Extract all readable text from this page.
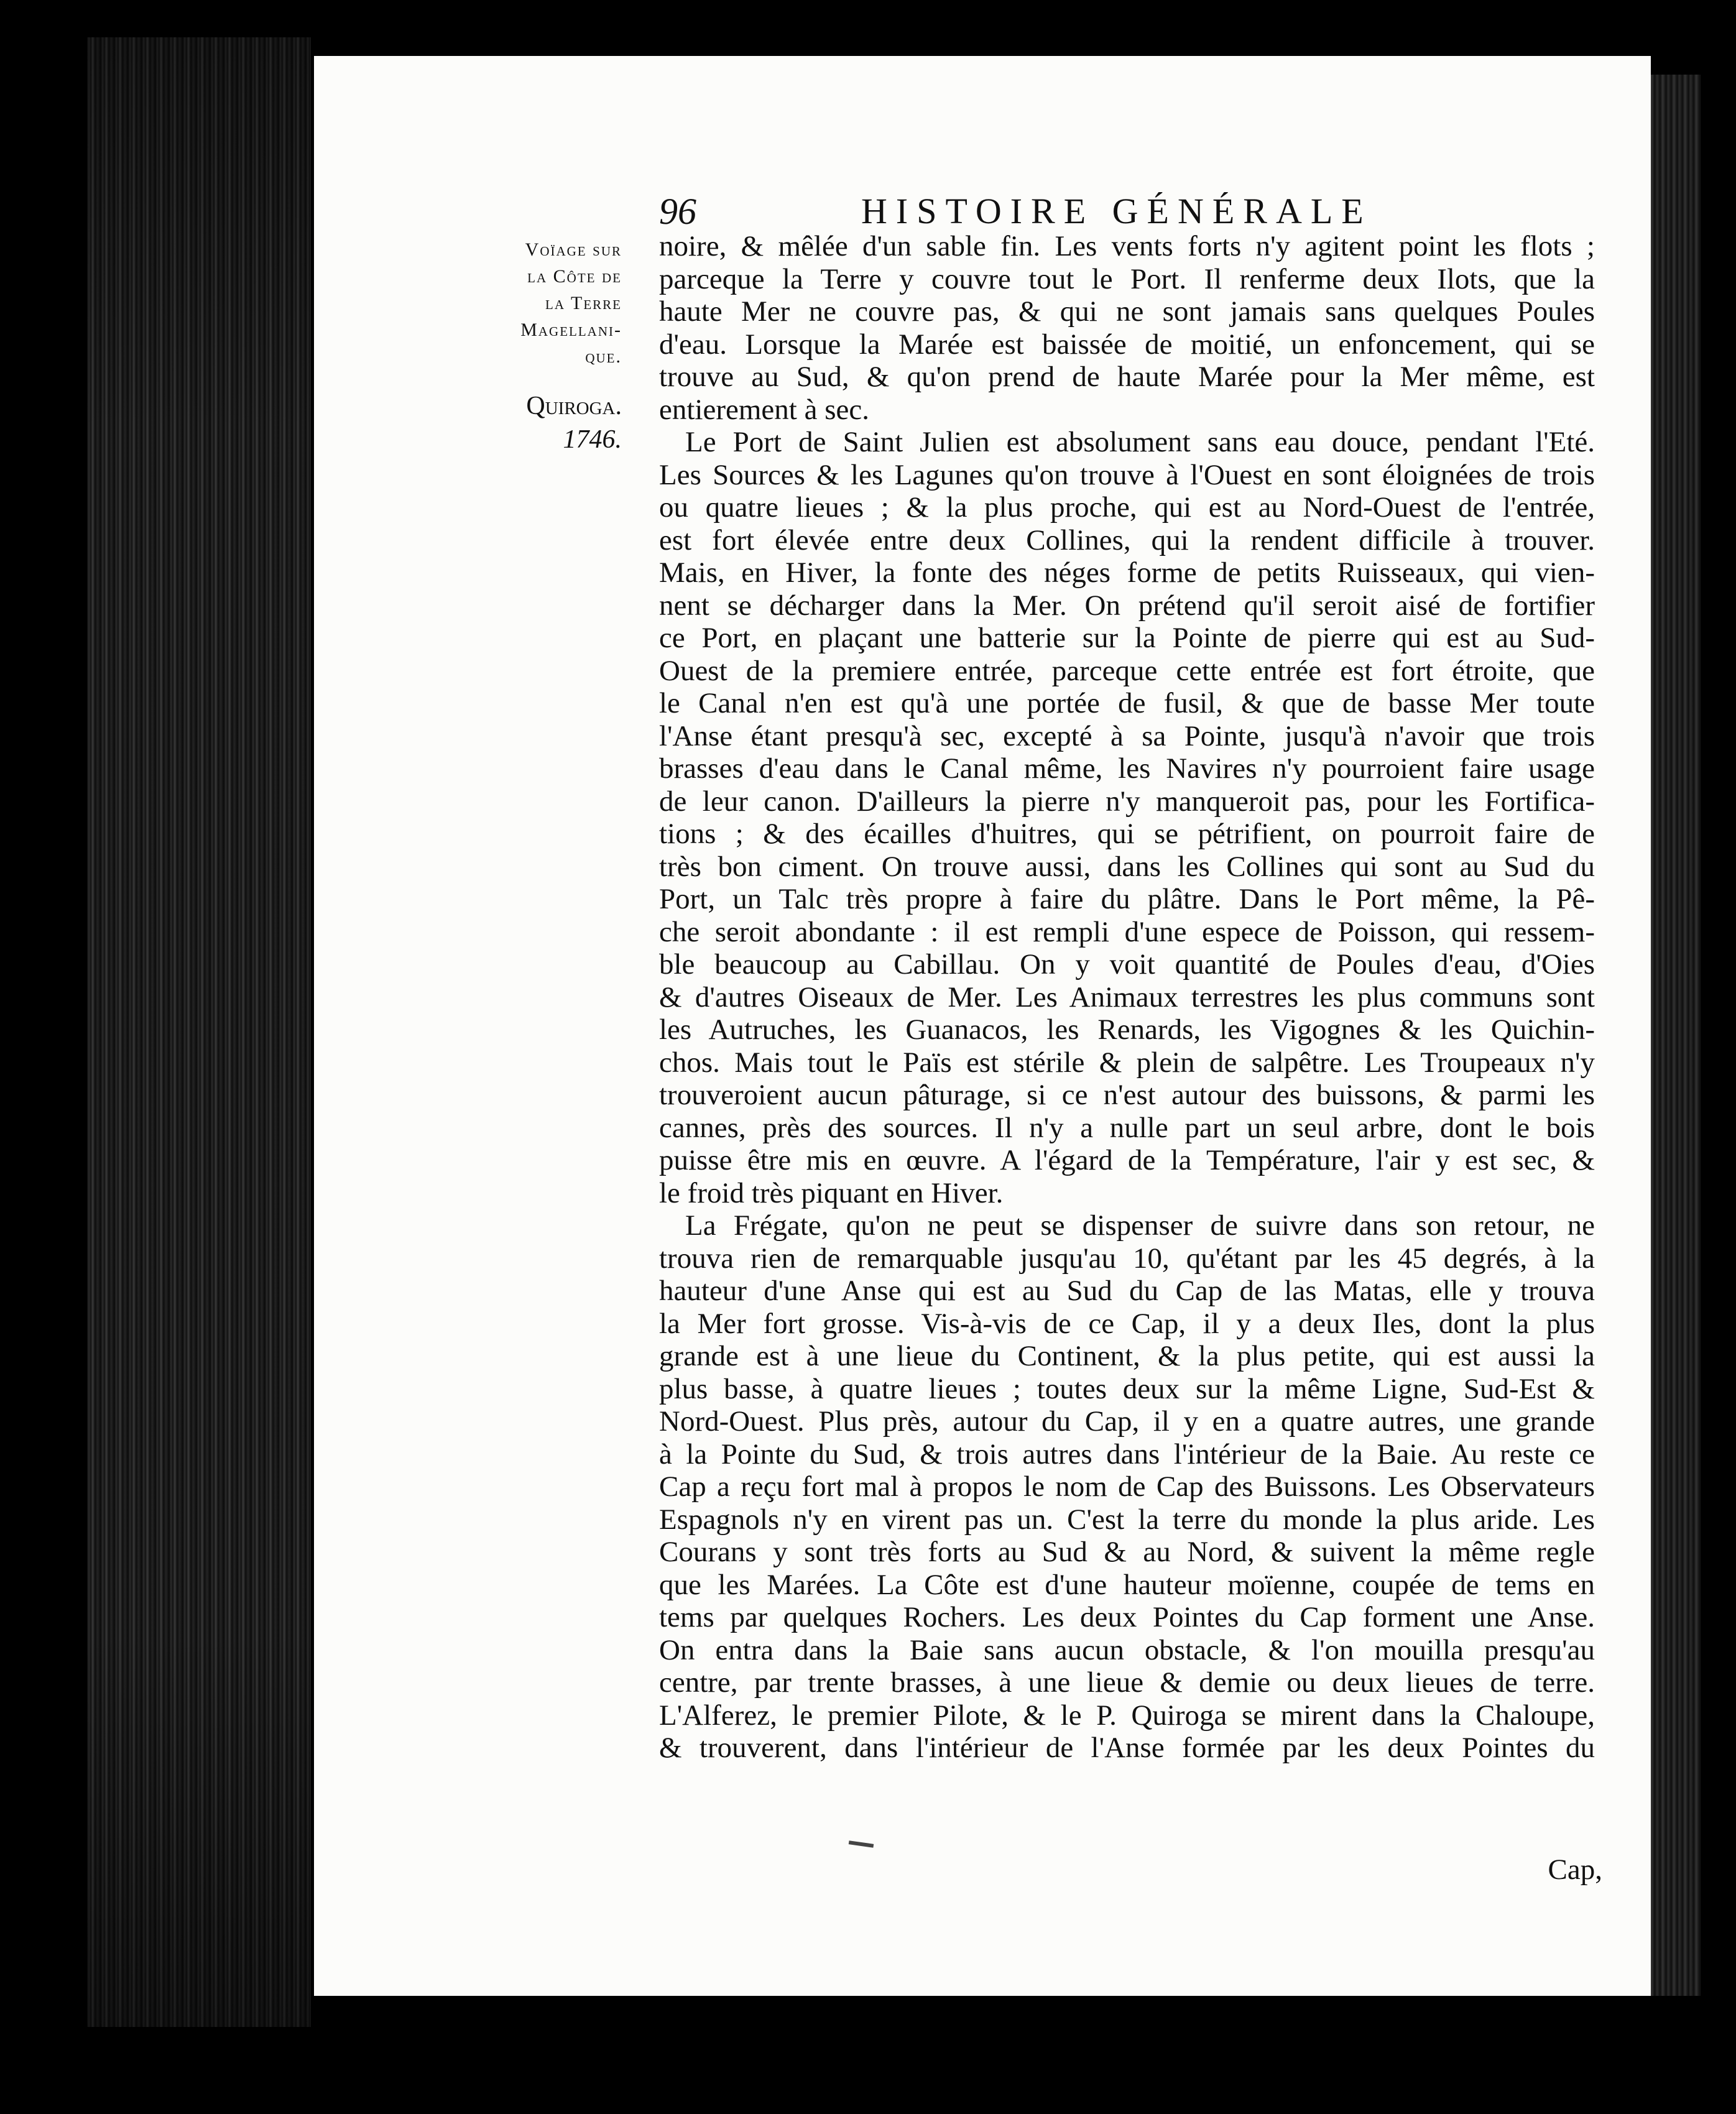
96	HISTOIRE GÉNÉRALE
Voïage sur
la Côte de
la Terre
Magellani-
que.
Quiroga.
1746.
noire, & mêlée d'un sable fin. Les vents forts n'y agitent point les flots ;
parceque la Terre y couvre tout le Port. Il renferme deux Ilots, que la
haute Mer ne couvre pas, & qui ne sont jamais sans quelques Poules
d'eau. Lorsque la Marée est baissée de moitié, un enfoncement, qui se
trouve au Sud, & qu'on prend de haute Marée pour la Mer même, est
entierement à sec.
Le Port de Saint Julien est absolument sans eau douce, pendant l'Eté.
Les Sources & les Lagunes qu'on trouve à l'Ouest en sont éloignées de trois
ou quatre lieues ; & la plus proche, qui est au Nord-Ouest de l'entrée,
est fort élevée entre deux Collines, qui la rendent difficile à trouver.
Mais, en Hiver, la fonte des néges forme de petits Ruisseaux, qui vien-
nent se décharger dans la Mer. On prétend qu'il seroit aisé de fortifier
ce Port, en plaçant une batterie sur la Pointe de pierre qui est au Sud-
Ouest de la premiere entrée, parceque cette entrée est fort étroite, que
le Canal n'en est qu'à une portée de fusil, & que de basse Mer toute
l'Anse étant presqu'à sec, excepté à sa Pointe, jusqu'à n'avoir que trois
brasses d'eau dans le Canal même, les Navires n'y pourroient faire usage
de leur canon. D'ailleurs la pierre n'y manqueroit pas, pour les Fortifica-
tions ; & des écailles d'huitres, qui se pétrifient, on pourroit faire de
très bon ciment. On trouve aussi, dans les Collines qui sont au Sud du
Port, un Talc très propre à faire du plâtre. Dans le Port même, la Pê-
che seroit abondante : il est rempli d'une espece de Poisson, qui ressem-
ble beaucoup au Cabillau. On y voit quantité de Poules d'eau, d'Oies
& d'autres Oiseaux de Mer. Les Animaux terrestres les plus communs sont
les Autruches, les Guanacos, les Renards, les Vigognes & les Quichin-
chos. Mais tout le Païs est stérile & plein de salpêtre. Les Troupeaux n'y
trouveroient aucun pâturage, si ce n'est autour des buissons, & parmi les
cannes, près des sources. Il n'y a nulle part un seul arbre, dont le bois
puisse être mis en œuvre. A l'égard de la Température, l'air y est sec, &
le froid très piquant en Hiver.
La Frégate, qu'on ne peut se dispenser de suivre dans son retour, ne
trouva rien de remarquable jusqu'au 10, qu'étant par les 45 degrés, à la
hauteur d'une Anse qui est au Sud du Cap de las Matas, elle y trouva
la Mer fort grosse. Vis-à-vis de ce Cap, il y a deux Iles, dont la plus
grande est à une lieue du Continent, & la plus petite, qui est aussi la
plus basse, à quatre lieues ; toutes deux sur la même Ligne, Sud-Est &
Nord-Ouest. Plus près, autour du Cap, il y en a quatre autres, une grande
à la Pointe du Sud, & trois autres dans l'intérieur de la Baie. Au reste ce
Cap a reçu fort mal à propos le nom de Cap des Buissons. Les Observateurs
Espagnols n'y en virent pas un. C'est la terre du monde la plus aride. Les
Courans y sont très forts au Sud & au Nord, & suivent la même regle
que les Marées. La Côte est d'une hauteur moïenne, coupée de tems en
tems par quelques Rochers. Les deux Pointes du Cap forment une Anse.
On entra dans la Baie sans aucun obstacle, & l'on mouilla presqu'au
centre, par trente brasses, à une lieue & demie ou deux lieues de terre.
L'Alferez, le premier Pilote, & le P. Quiroga se mirent dans la Chaloupe,
& trouverent, dans l'intérieur de l'Anse formée par les deux Pointes du
Cap,
